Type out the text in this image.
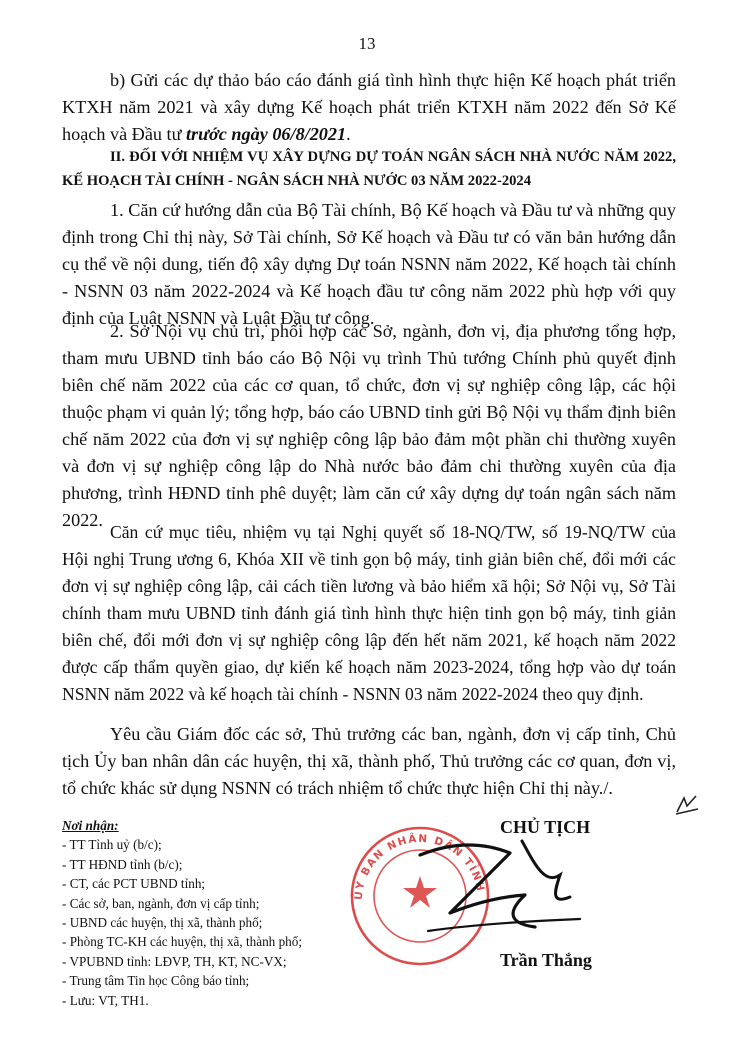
13

b) Gửi các dự thảo báo cáo đánh giá tình hình thực hiện Kế hoạch phát triển KTXH năm 2021 và xây dựng Kế hoạch phát triển KTXH năm 2022 đến Sở Kế hoạch và Đầu tư trước ngày 06/8/2021.

II. ĐỐI VỚI NHIỆM VỤ XÂY DỰNG DỰ TOÁN NGÂN SÁCH NHÀ NƯỚC NĂM 2022, KẾ HOẠCH TÀI CHÍNH - NGÂN SÁCH NHÀ NƯỚC 03 NĂM 2022-2024

1. Căn cứ hướng dẫn của Bộ Tài chính, Bộ Kế hoạch và Đầu tư và những quy định trong Chỉ thị này, Sở Tài chính, Sở Kế hoạch và Đầu tư có văn bản hướng dẫn cụ thể về nội dung, tiến độ xây dựng Dự toán NSNN năm 2022, Kế hoạch tài chính - NSNN 03 năm 2022-2024 và Kế hoạch đầu tư công năm 2022 phù hợp với quy định của Luật NSNN và Luật Đầu tư công.

2. Sở Nội vụ chủ trì, phối hợp các Sở, ngành, đơn vị, địa phương tổng hợp, tham mưu UBND tỉnh báo cáo Bộ Nội vụ trình Thủ tướng Chính phủ quyết định biên chế năm 2022 của các cơ quan, tổ chức, đơn vị sự nghiệp công lập, các hội thuộc phạm vi quản lý; tổng hợp, báo cáo UBND tỉnh gửi Bộ Nội vụ thẩm định biên chế năm 2022 của đơn vị sự nghiệp công lập bảo đảm một phần chi thường xuyên và đơn vị sự nghiệp công lập do Nhà nước bảo đảm chi thường xuyên của địa phương, trình HĐND tỉnh phê duyệt; làm căn cứ xây dựng dự toán ngân sách năm 2022.

Căn cứ mục tiêu, nhiệm vụ tại Nghị quyết số 18-NQ/TW, số 19-NQ/TW của Hội nghị Trung ương 6, Khóa XII về tinh gọn bộ máy, tinh giản biên chế, đổi mới các đơn vị sự nghiệp công lập, cải cách tiền lương và bảo hiểm xã hội; Sở Nội vụ, Sở Tài chính tham mưu UBND tỉnh đánh giá tình hình thực hiện tinh gọn bộ máy, tinh giản biên chế, đổi mới đơn vị sự nghiệp công lập đến hết năm 2021, kế hoạch năm 2022 được cấp thẩm quyền giao, dự kiến kế hoạch năm 2023-2024, tổng hợp vào dự toán NSNN năm 2022 và kế hoạch tài chính - NSNN 03 năm 2022-2024 theo quy định.

Yêu cầu Giám đốc các sở, Thủ trưởng các ban, ngành, đơn vị cấp tỉnh, Chủ tịch Ủy ban nhân dân các huyện, thị xã, thành phố, Thủ trưởng các cơ quan, đơn vị, tổ chức khác sử dụng NSNN có trách nhiệm tổ chức thực hiện Chỉ thị này./.

Nơi nhận:
- TT Tỉnh uỷ (b/c);
- TT HĐND tỉnh (b/c);
- CT, các PCT UBND tỉnh;
- Các sở, ban, ngành, đơn vị cấp tỉnh;
- UBND các huyện, thị xã, thành phố;
- Phòng TC-KH các huyện, thị xã, thành phố;
- VPUBND tỉnh: LĐVP, TH, KT, NC-VX;
- Trung tâm Tin học Công báo tỉnh;
- Lưu: VT, TH1.
ỦY BAN NHÂN DÂN TỈNH
CHỦ TỊCH
Trần Thắng
